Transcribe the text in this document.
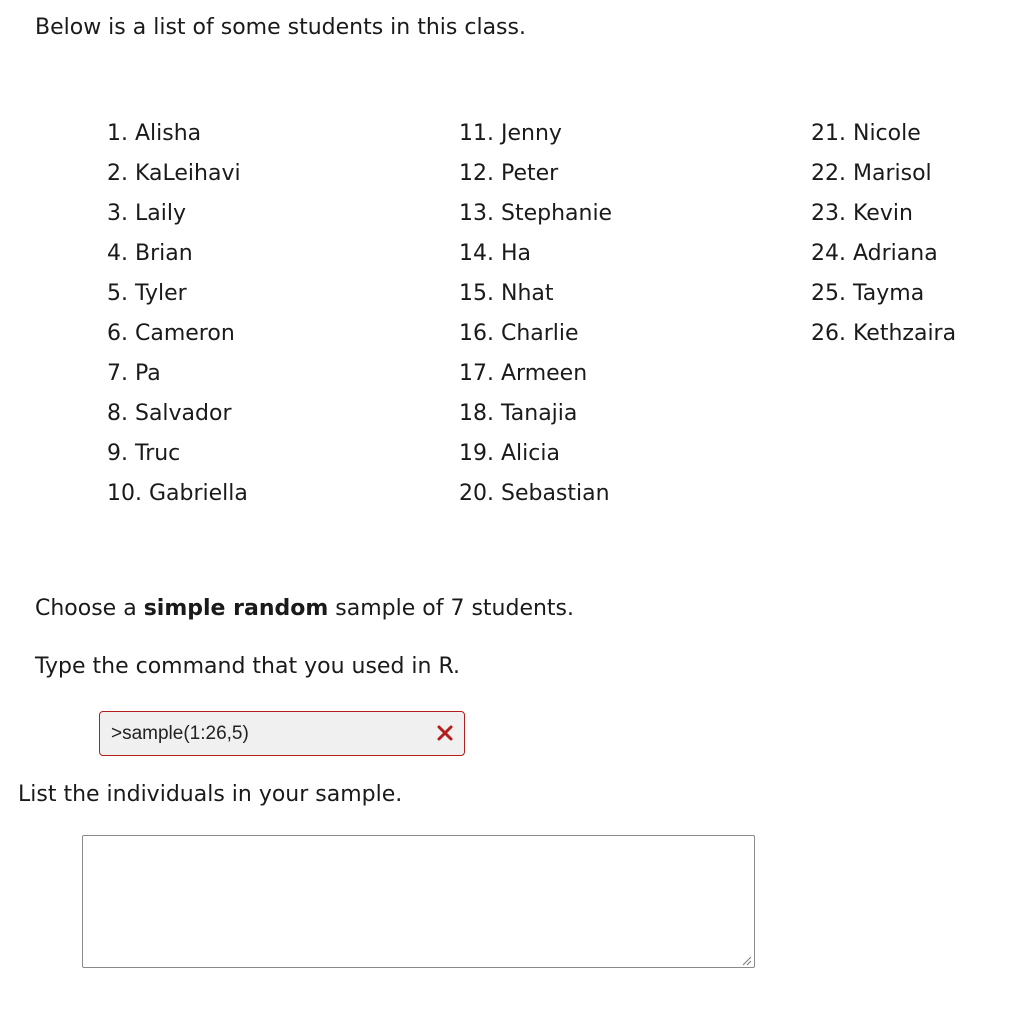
Below is a list of some students in this class.

1. Alisha
2. KaLeihavi
3. Laily
4. Brian
5. Tyler
6. Cameron
7. Pa
8. Salvador
9. Truc
10. Gabriella
11. Jenny
12. Peter
13. Stephanie
14. Ha
15. Nhat
16. Charlie
17. Armeen
18. Tanajia
19. Alicia
20. Sebastian
21. Nicole
22. Marisol
23. Kevin
24. Adriana
25. Tayma
26. Kethzaira

Choose a simple random sample of 7 students.

Type the command that you used in R.

>sample(1:26,5)

List the individuals in your sample.
